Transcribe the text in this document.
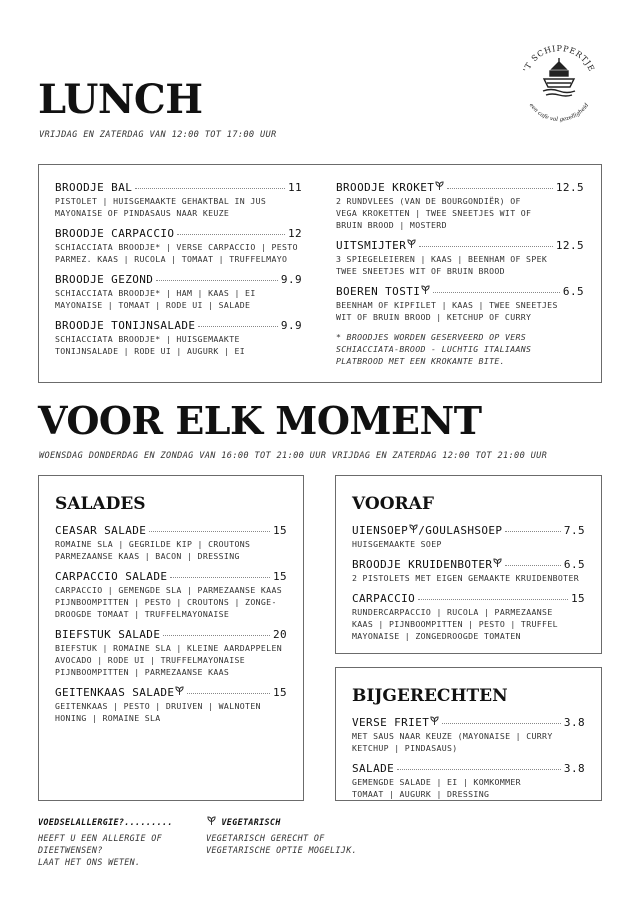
'T SCHIPPERTJE
een cafe vol gezelligheid
LUNCH
VRIJDAG EN ZATERDAG VAN 12:00 TOT 17:00 UUR
BROODJE BAL	11
PISTOLET | HUISGEMAAKTE GEHAKTBAL IN JUS
MAYONAISE OF PINDASAUS NAAR KEUZE
BROODJE CARPACCIO	12
SCHIACCIATA BROODJE* | VERSE CARPACCIO | PESTO
PARMEZ. KAAS | RUCOLA | TOMAAT | TRUFFELMAYO
BROODJE GEZOND	9.9
SCHIACCIATA BROODJE* | HAM | KAAS | EI
MAYONAISE | TOMAAT | RODE UI | SALADE
BROODJE TONIJNSALADE	9.9
SCHIACCIATA BROODJE* | HUISGEMAAKTE
TONIJNSALADE | RODE UI | AUGURK | EI
BROODJE KROKET	12.5
2 RUNDVLEES (VAN DE BOURGONDIËR) OF
VEGA KROKETTEN | TWEE SNEETJES WIT OF
BRUIN BROOD | MOSTERD
UITSMIJTER	12.5
3 SPIEGELEIEREN | KAAS | BEENHAM OF SPEK
TWEE SNEETJES WIT OF BRUIN BROOD
BOEREN TOSTI	6.5
BEENHAM OF KIPFILET | KAAS | TWEE SNEETJES
WIT OF BRUIN BROOD | KETCHUP OF CURRY
* BROODJES WORDEN GESERVEERD OP VERS
SCHIACCIATA-BROOD - LUCHTIG ITALIAANS
PLATBROOD MET EEN KROKANTE BITE.
VOOR ELK MOMENT
WOENSDAG DONDERDAG EN ZONDAG VAN 16:00 TOT 21:00 UUR VRIJDAG EN ZATERDAG 12:00 TOT 21:00 UUR
SALADES
CEASAR SALADE	15
ROMAINE SLA | GEGRILDE KIP | CROUTONS
PARMEZAANSE KAAS | BACON | DRESSING
CARPACCIO SALADE	15
CARPACCIO | GEMENGDE SLA | PARMEZAANSE KAAS
PIJNBOOMPITTEN | PESTO | CROUTONS | ZONGE-
DROOGDE TOMAAT | TRUFFELMAYONAISE
BIEFSTUK SALADE	20
BIEFSTUK | ROMAINE SLA | KLEINE AARDAPPELEN
AVOCADO | RODE UI | TRUFFELMAYONAISE
PIJNBOOMPITTEN | PARMEZAANSE KAAS
GEITENKAAS SALADE	15
GEITENKAAS | PESTO | DRUIVEN | WALNOTEN
HONING | ROMAINE SLA
VOORAF
UIENSOEP /GOULASHSOEP	7.5
HUISGEMAAKTE SOEP
BROODJE KRUIDENBOTER	6.5
2 PISTOLETS MET EIGEN GEMAAKTE KRUIDENBOTER
CARPACCIO	15
RUNDERCARPACCIO | RUCOLA | PARMEZAANSE
KAAS | PIJNBOOMPITTEN | PESTO | TRUFFEL
MAYONAISE | ZONGEDROOGDE TOMATEN
BIJGERECHTEN
VERSE FRIET	3.8
MET SAUS NAAR KEUZE (MAYONAISE | CURRY
KETCHUP | PINDASAUS)
SALADE	3.8
GEMENGDE SALADE | EI | KOMKOMMER
TOMAAT | AUGURK | DRESSING
VOEDSELALLERGIE?.........
HEEFT U EEN ALLERGIE OF
DIEETWENSEN?
LAAT HET ONS WETEN.
VEGETARISCH
VEGETARISCH GERECHT OF
VEGETARISCHE OPTIE MOGELIJK.
